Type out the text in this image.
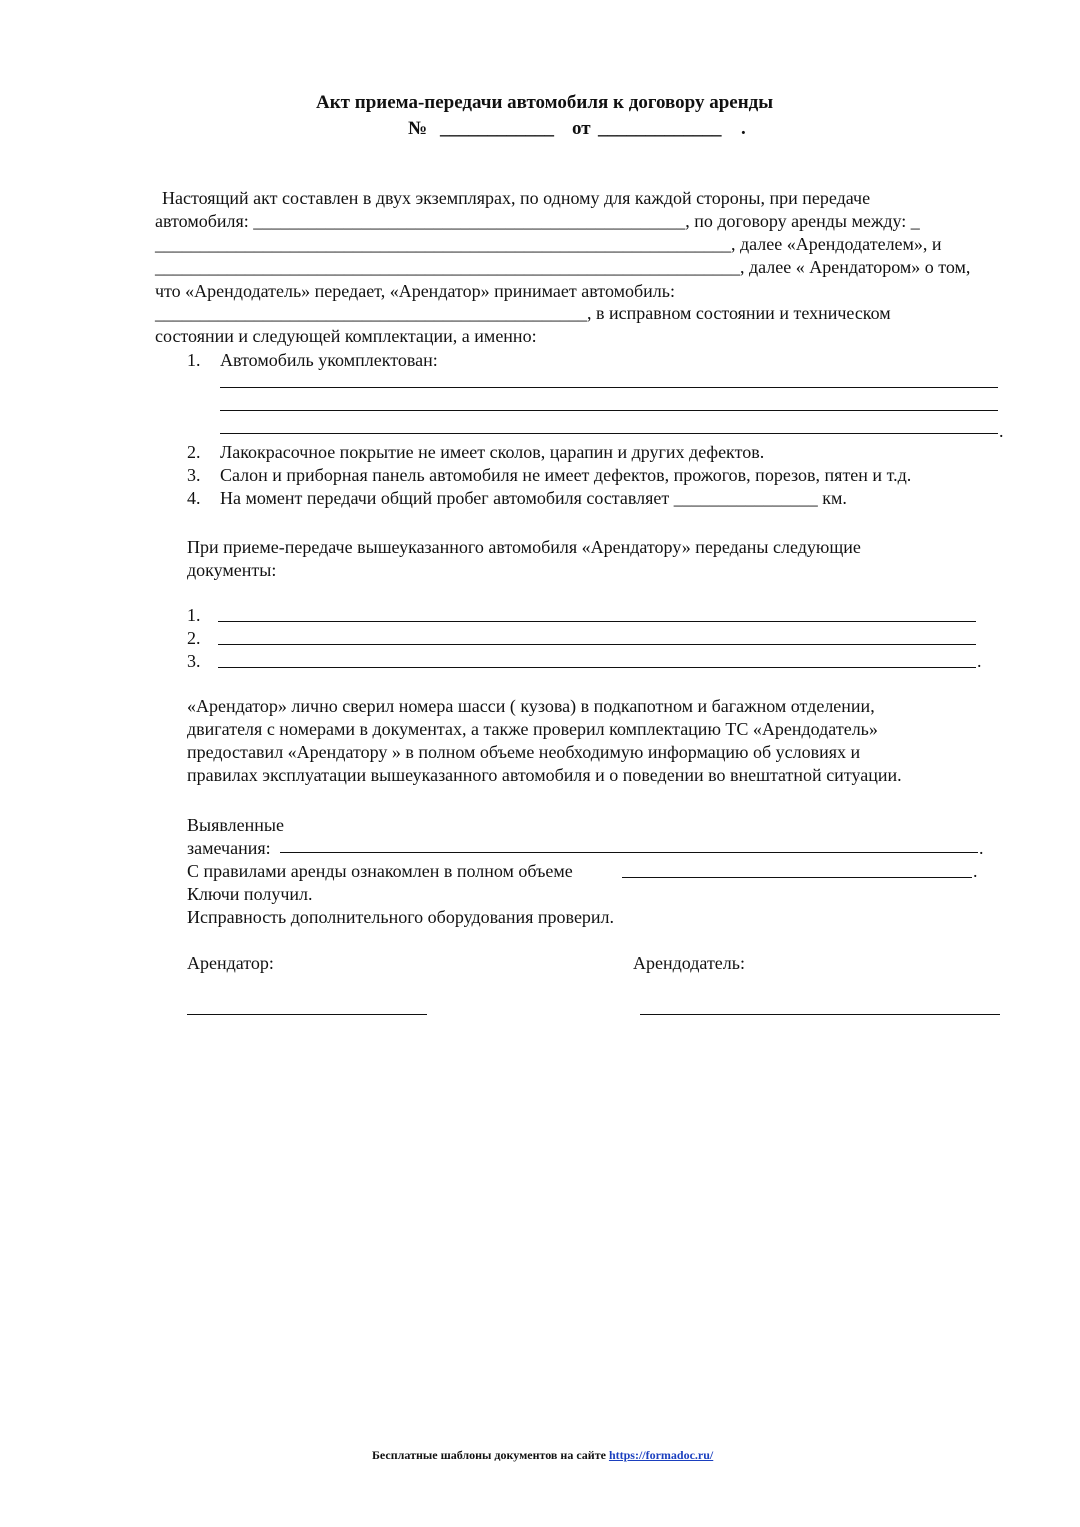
Акт приема-передачи автомобиля к договору аренды
№ ____________ от _____________ .
Настоящий акт составлен в двух экземплярах, по одному для каждой стороны, при передаче
автомобиля: ________________________________________________, по договору аренды между: _
________________________________________________________________, далее «Арендодателем», и
_________________________________________________________________, далее « Арендатором» о том,
что «Арендодатель» передает, «Арендатор» принимает автомобиль:
________________________________________________, в исправном состоянии и техническом
состоянии и следующей комплектации, а именно:
1. Автомобиль укомплектован:
.
2. Лакокрасочное покрытие не имеет сколов, царапин и других дефектов.
3. Салон и приборная панель автомобиля не имеет дефектов, прожогов, порезов, пятен и т.д.
4. На момент передачи общий пробег автомобиля составляет ________________ км.
При приеме-передаче вышеуказанного автомобиля «Арендатору» переданы следующие
документы:
1.
2.
3.	.
«Арендатор» лично сверил номера шасси ( кузова) в подкапотном и багажном отделении,
двигателя с номерами в документах, а также проверил комплектацию ТС «Арендодатель»
предоставил «Арендатору » в полном объеме необходимую информацию об условиях и
правилах эксплуатации вышеуказанного автомобиля и о поведении во внештатной ситуации.
Выявленные
замечания:	.
С правилами аренды ознакомлен в полном объеме	.
Ключи получил.
Исправность дополнительного оборудования проверил.
Арендатор:	Арендодатель:
Бесплатные шаблоны документов на сайте https://formadoc.ru/
